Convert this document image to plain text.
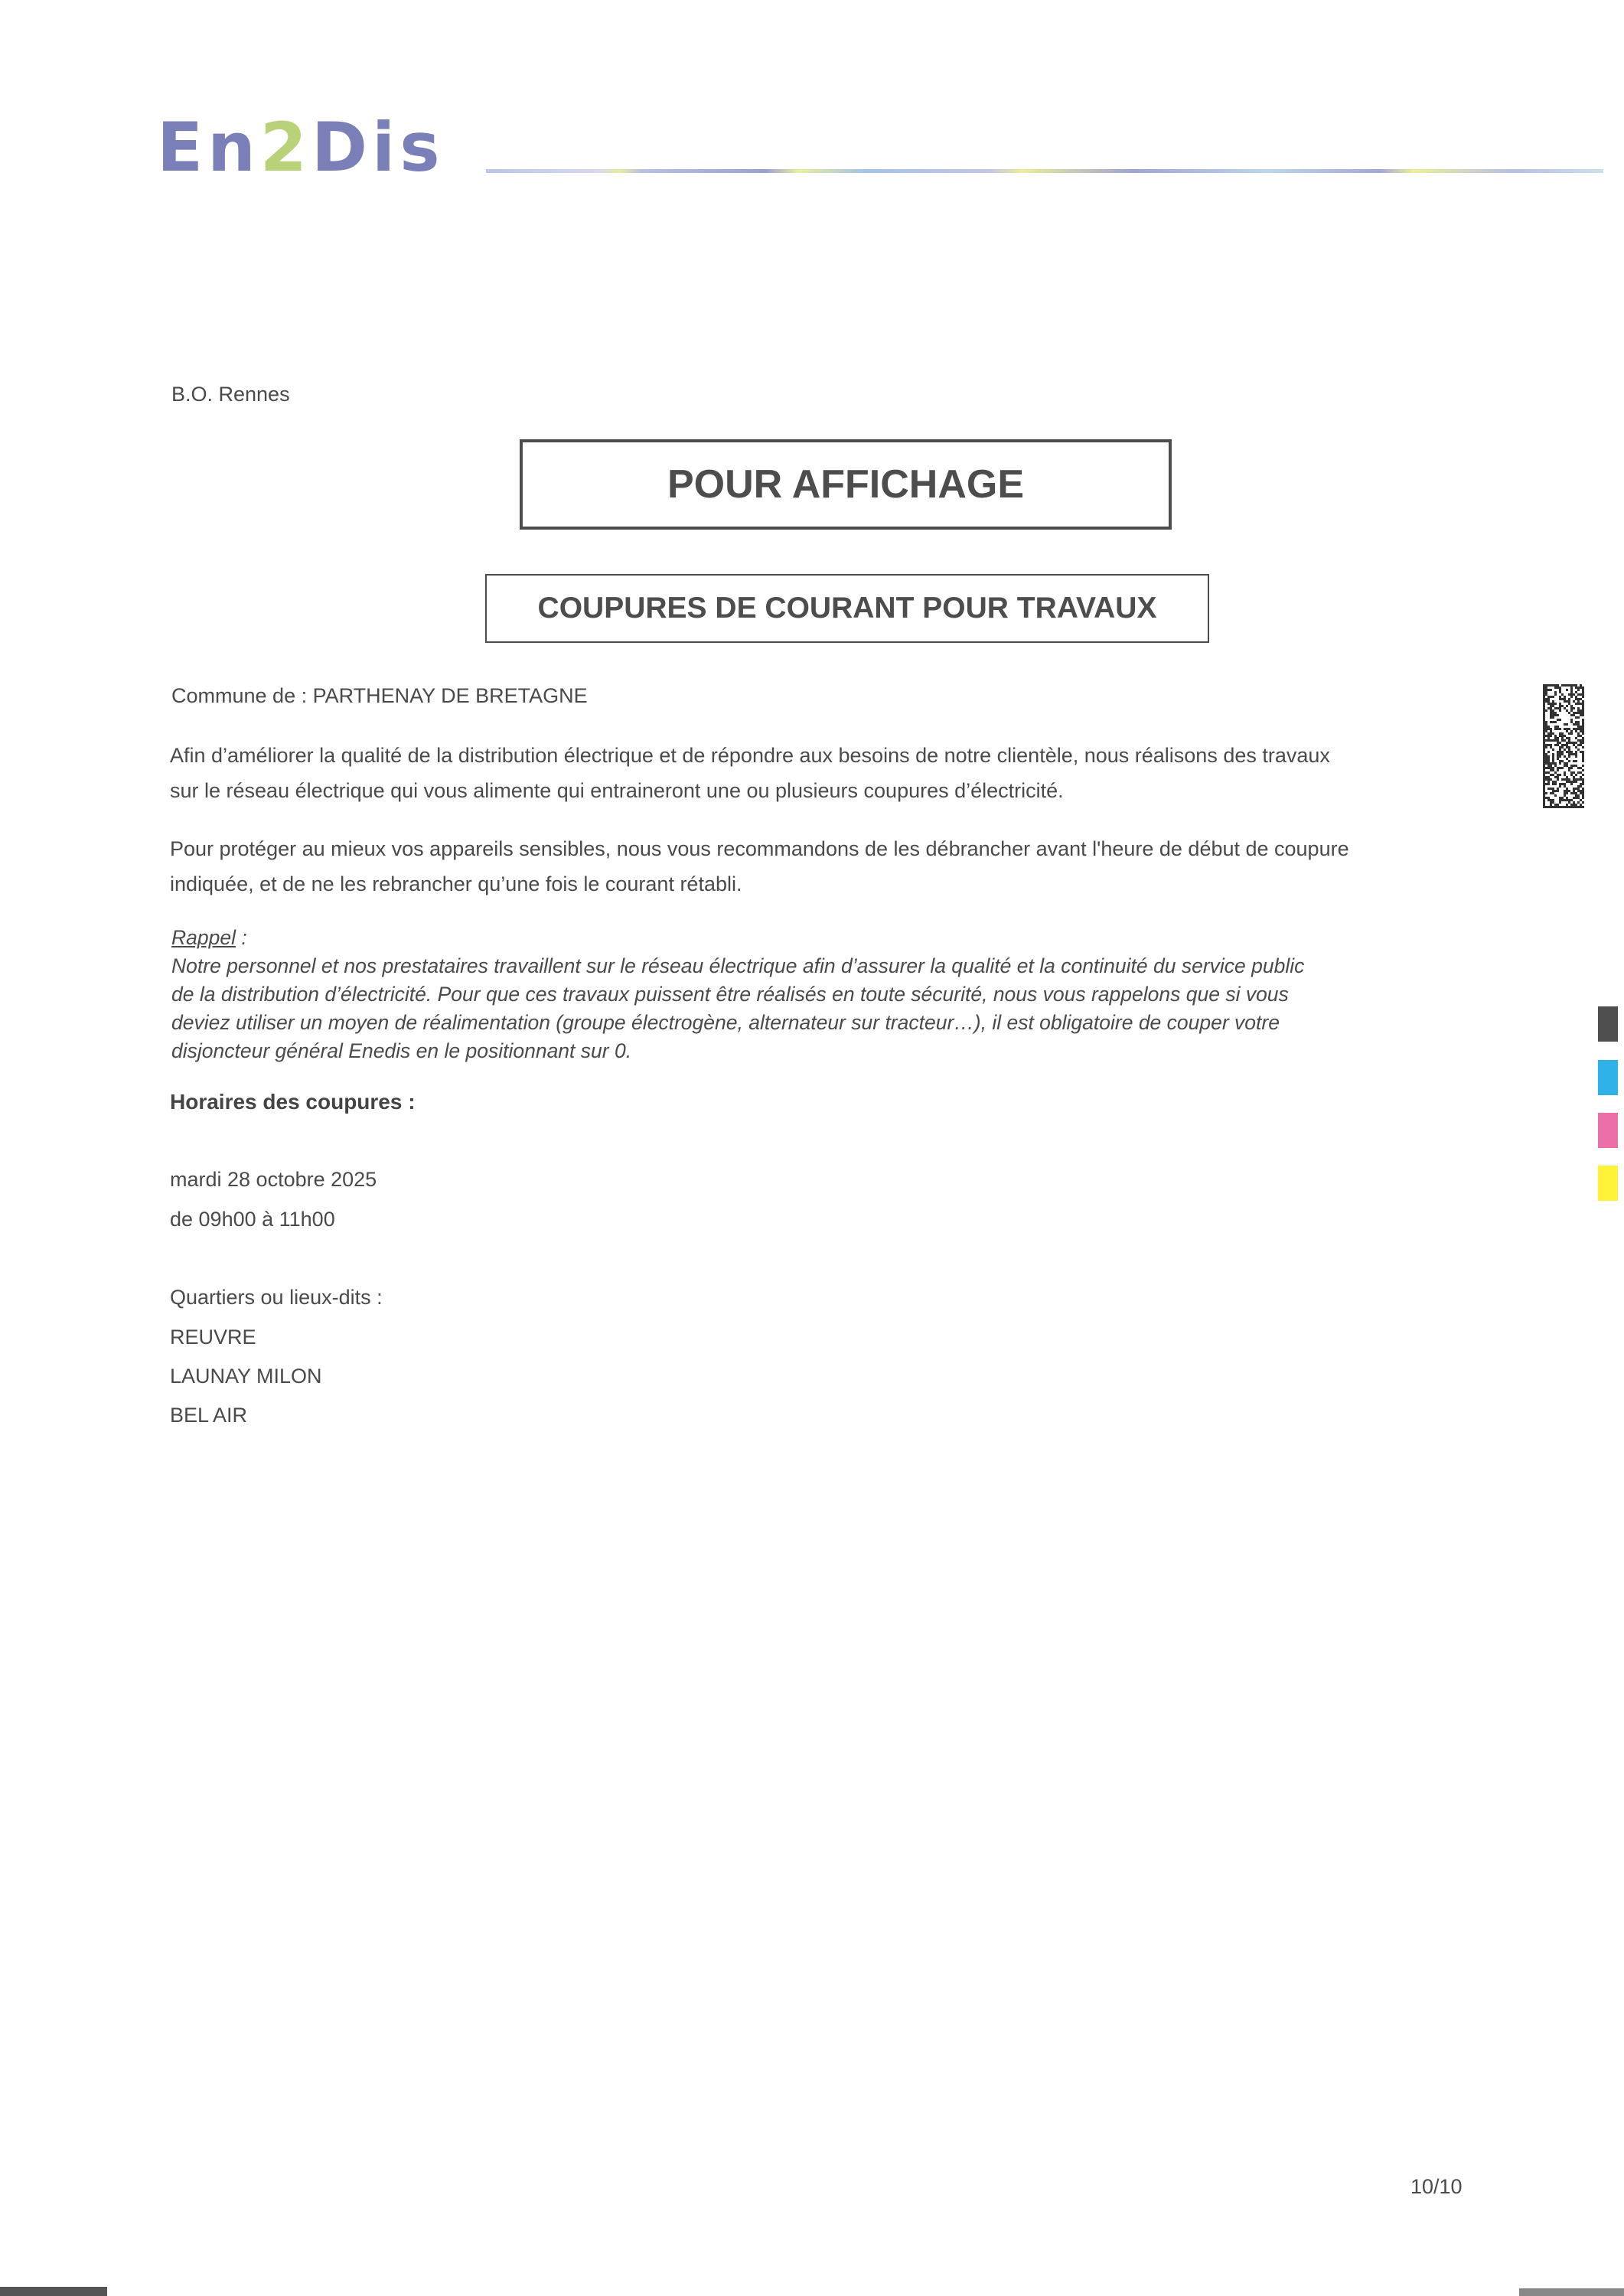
En2Dis
B.O. Rennes
POUR AFFICHAGE
COUPURES DE COURANT POUR TRAVAUX
Commune de : PARTHENAY DE BRETAGNE
Afin d’améliorer la qualité de la distribution électrique et de répondre aux besoins de notre clientèle, nous réalisons des travaux
sur le réseau électrique qui vous alimente qui entraineront une ou plusieurs coupures d’électricité.
Pour protéger au mieux vos appareils sensibles, nous vous recommandons de les débrancher avant l'heure de début de coupure
indiquée, et de ne les rebrancher qu’une fois le courant rétabli.
Rappel :
Notre personnel et nos prestataires travaillent sur le réseau électrique afin d’assurer la qualité et la continuité du service public
de la distribution d’électricité. Pour que ces travaux puissent être réalisés en toute sécurité, nous vous rappelons que si vous
deviez utiliser un moyen de réalimentation (groupe électrogène, alternateur sur tracteur…), il est obligatoire de couper votre
disjoncteur général Enedis en le positionnant sur 0.
Horaires des coupures :
mardi 28 octobre 2025
de 09h00 à 11h00
Quartiers ou lieux-dits :
REUVRE
LAUNAY MILON
BEL AIR
10/10
